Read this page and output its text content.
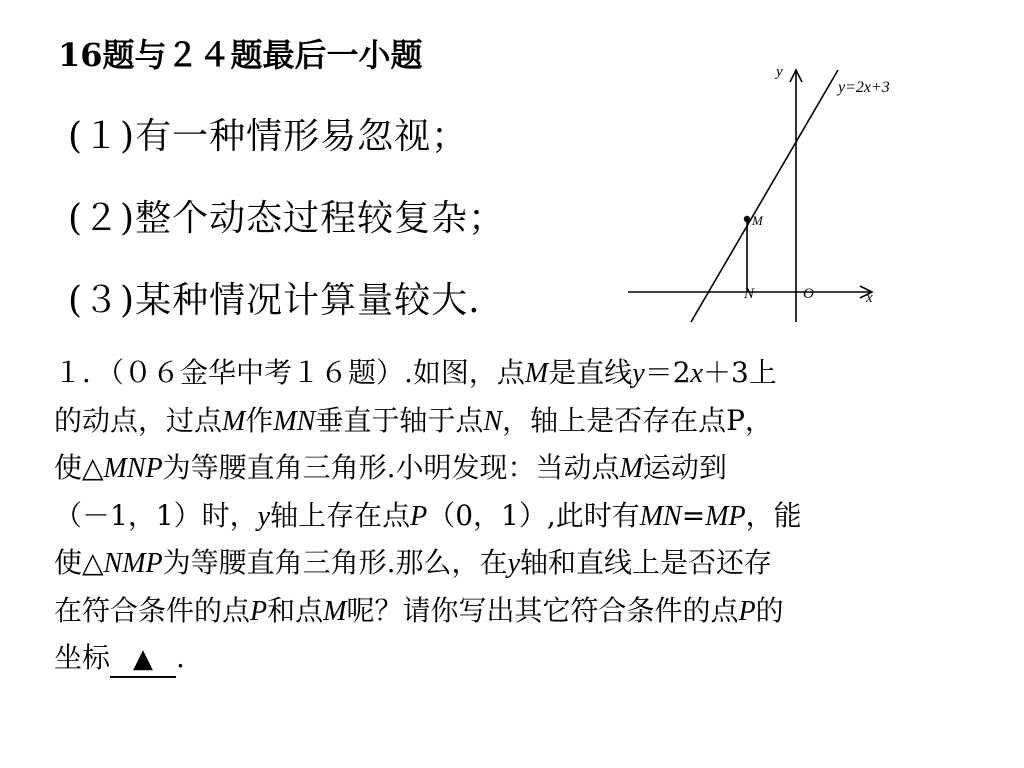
16题与２４题最后一小题
(１)有一种情形易忽视；
(２)整个动态过程较复杂；
(３)某种情况计算量较大.
y
x
O
y=2x+3
M
N
１．（０６金华中考１６题）.如图，点M是直线y＝2x＋3上
的动点，过点M作MN垂直于轴于点N，轴上是否存在点P，
使△MNP为等腰直角三角形.小明发现：当动点M运动到
（－1，1）时，y轴上存在点P（0，1）,此时有MN=MP，能
使△NMP为等腰直角三角形.那么，在y轴和直线上是否还存
在符合条件的点P和点M呢？请你写出其它符合条件的点P的
坐标 ▲ .
